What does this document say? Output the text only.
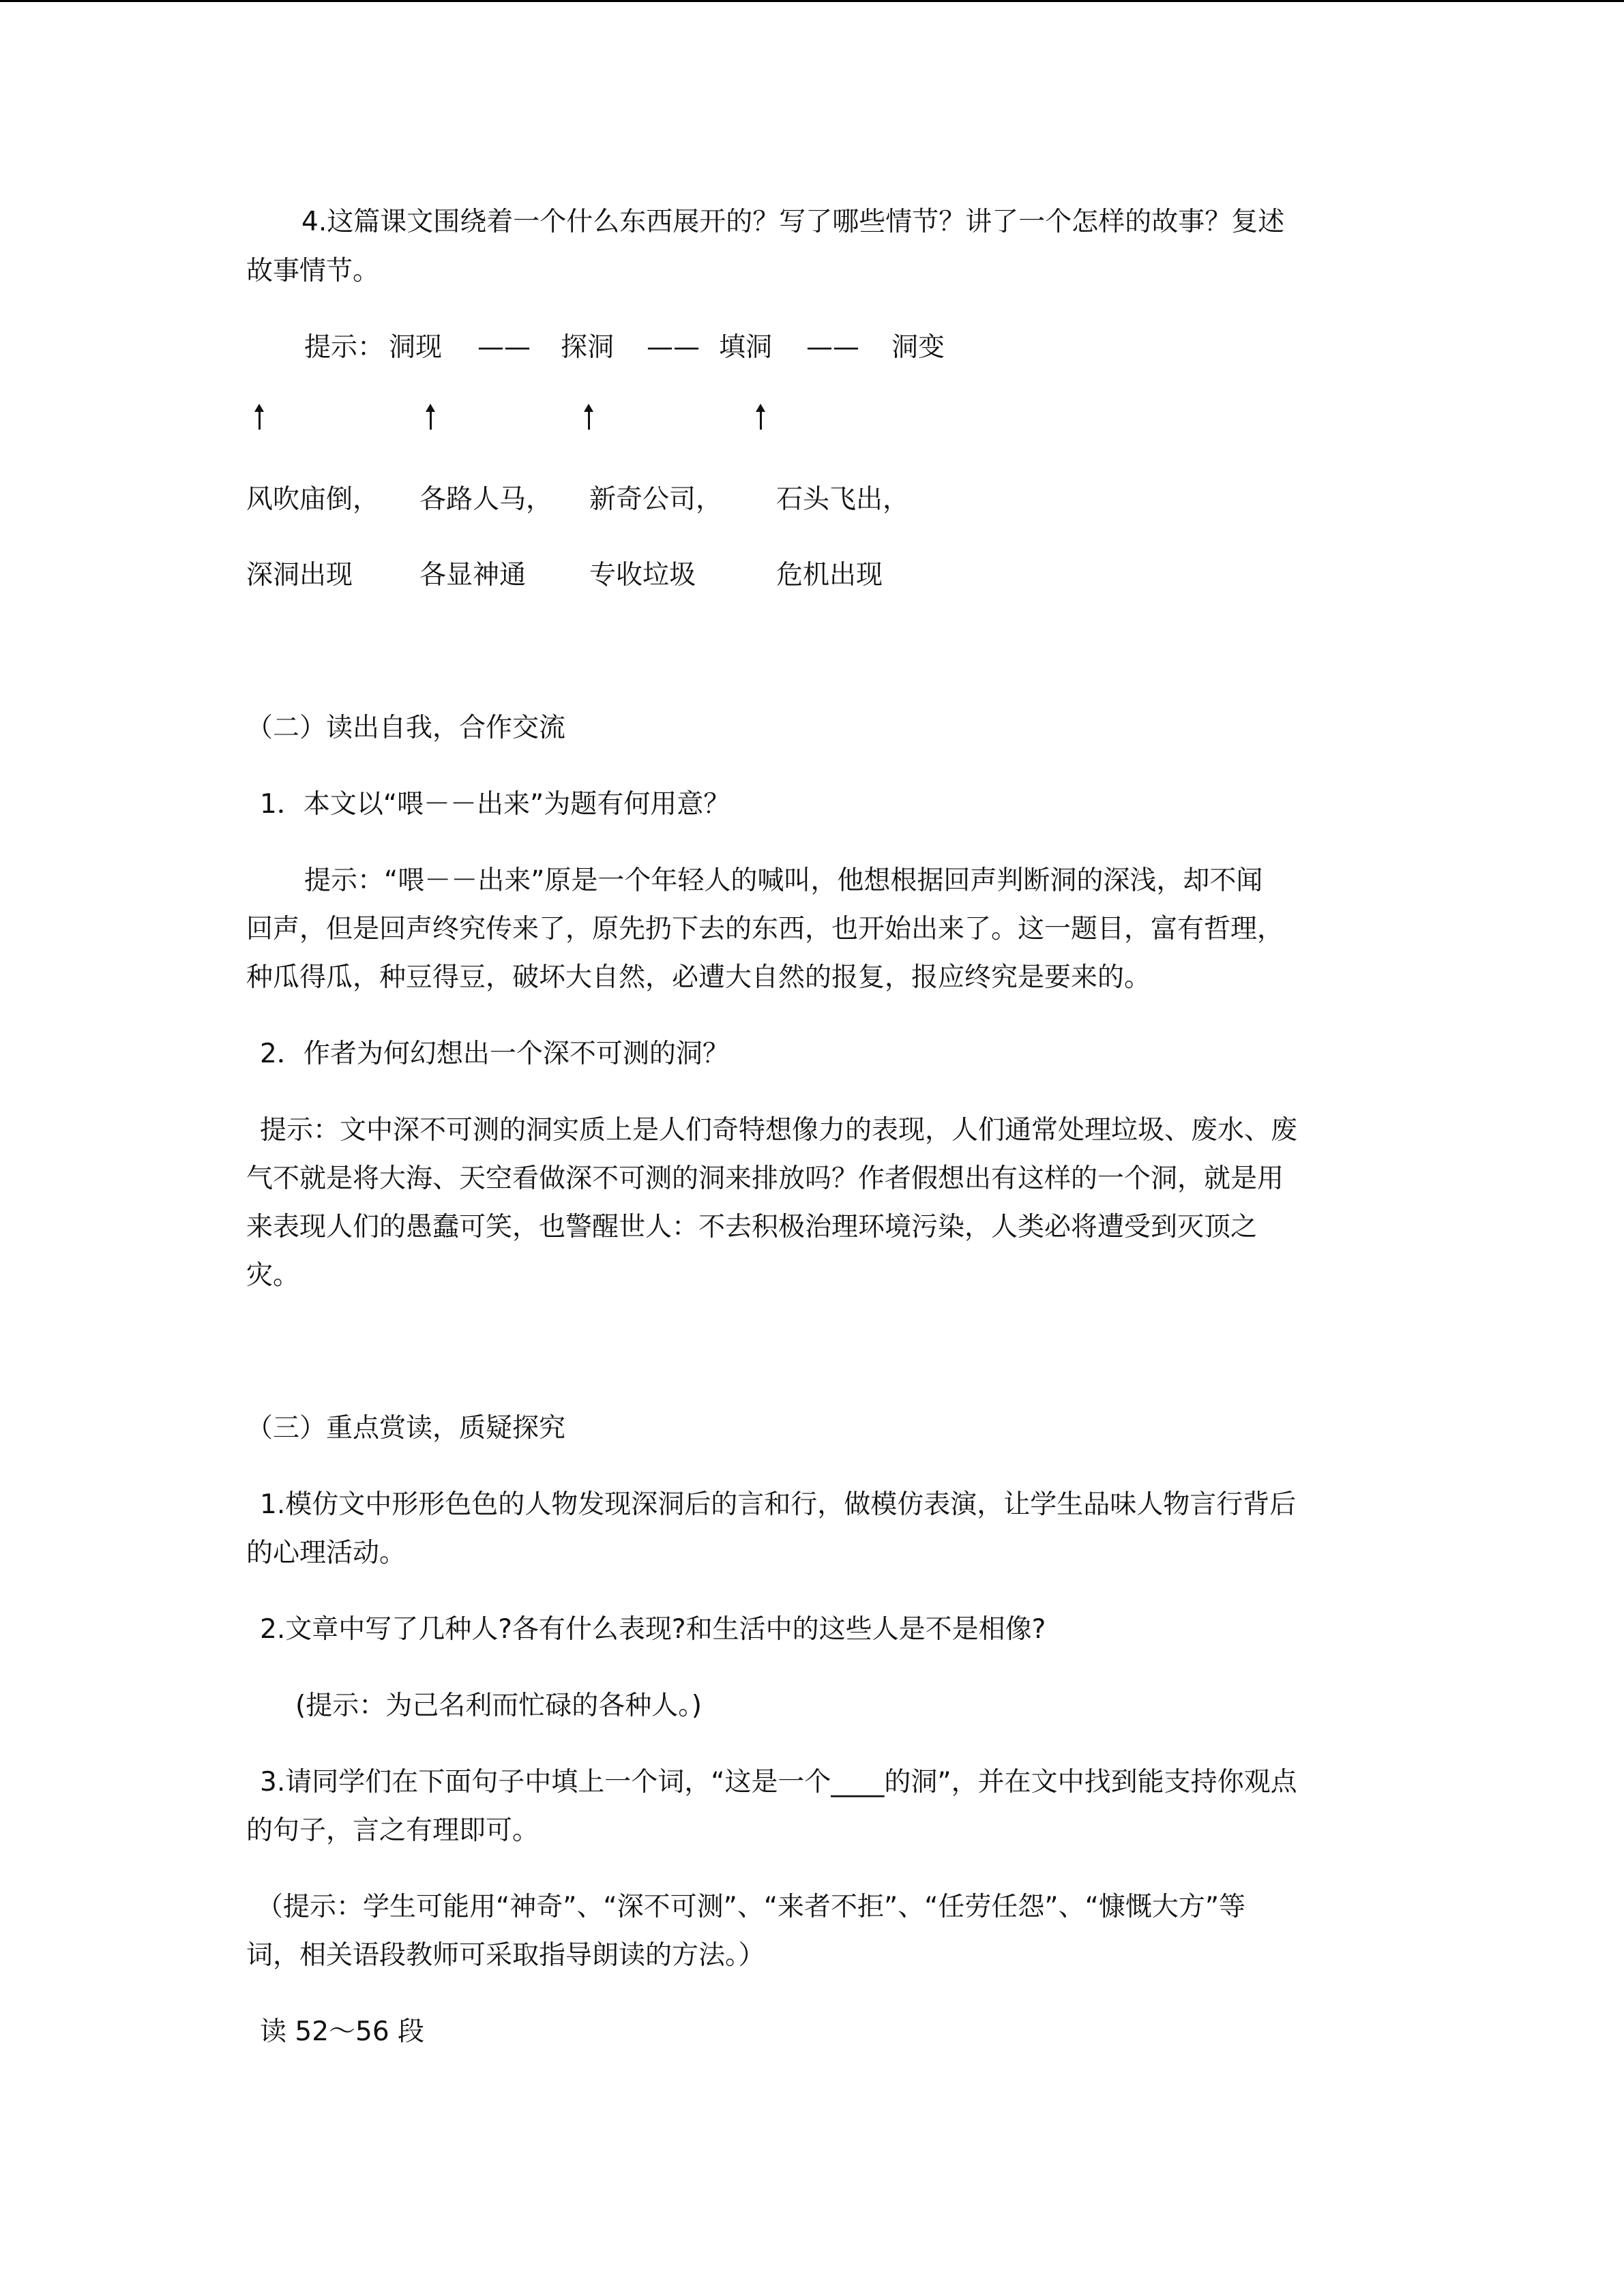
4.这篇课文围绕着一个什么东西展开的？写了哪些情节？讲了一个怎样的故事？复述
故事情节。
提示： 洞现 —— 探洞 —— 填洞 —— 洞变
风吹庙倒， 各路人马， 新奇公司， 石头飞出，
深洞出现	各显神通 专收垃圾	危机出现
（二）读出自我，合作交流
1．本文以“喂－－出来”为题有何用意？
提示：“喂－－出来”原是一个年轻人的喊叫，他想根据回声判断洞的深浅，却不闻
回声，但是回声终究传来了，原先扔下去的东西，也开始出来了。这一题目，富有哲理，
种瓜得瓜，种豆得豆，破坏大自然，必遭大自然的报复，报应终究是要来的。
2．作者为何幻想出一个深不可测的洞？
提示：文中深不可测的洞实质上是人们奇特想像力的表现，人们通常处理垃圾、废水、废
气不就是将大海、天空看做深不可测的洞来排放吗？作者假想出有这样的一个洞，就是用
来表现人们的愚蠢可笑，也警醒世人：不去积极治理环境污染，人类必将遭受到灭顶之
灾。
（三）重点赏读，质疑探究
1.模仿文中形形色色的人物发现深洞后的言和行，做模仿表演，让学生品味人物言行背后
的心理活动。
2.文章中写了几种人?各有什么表现?和生活中的这些人是不是相像?
(提示：为己名利而忙碌的各种人。)
3.请同学们在下面句子中填上一个词，“这是一个____的洞”，并在文中找到能支持你观点
的句子，言之有理即可。
（提示：学生可能用“神奇”、“深不可测”、“来者不拒”、“任劳任怨”、“慷慨大方”等
词，相关语段教师可采取指导朗读的方法。）
读 52～56 段
